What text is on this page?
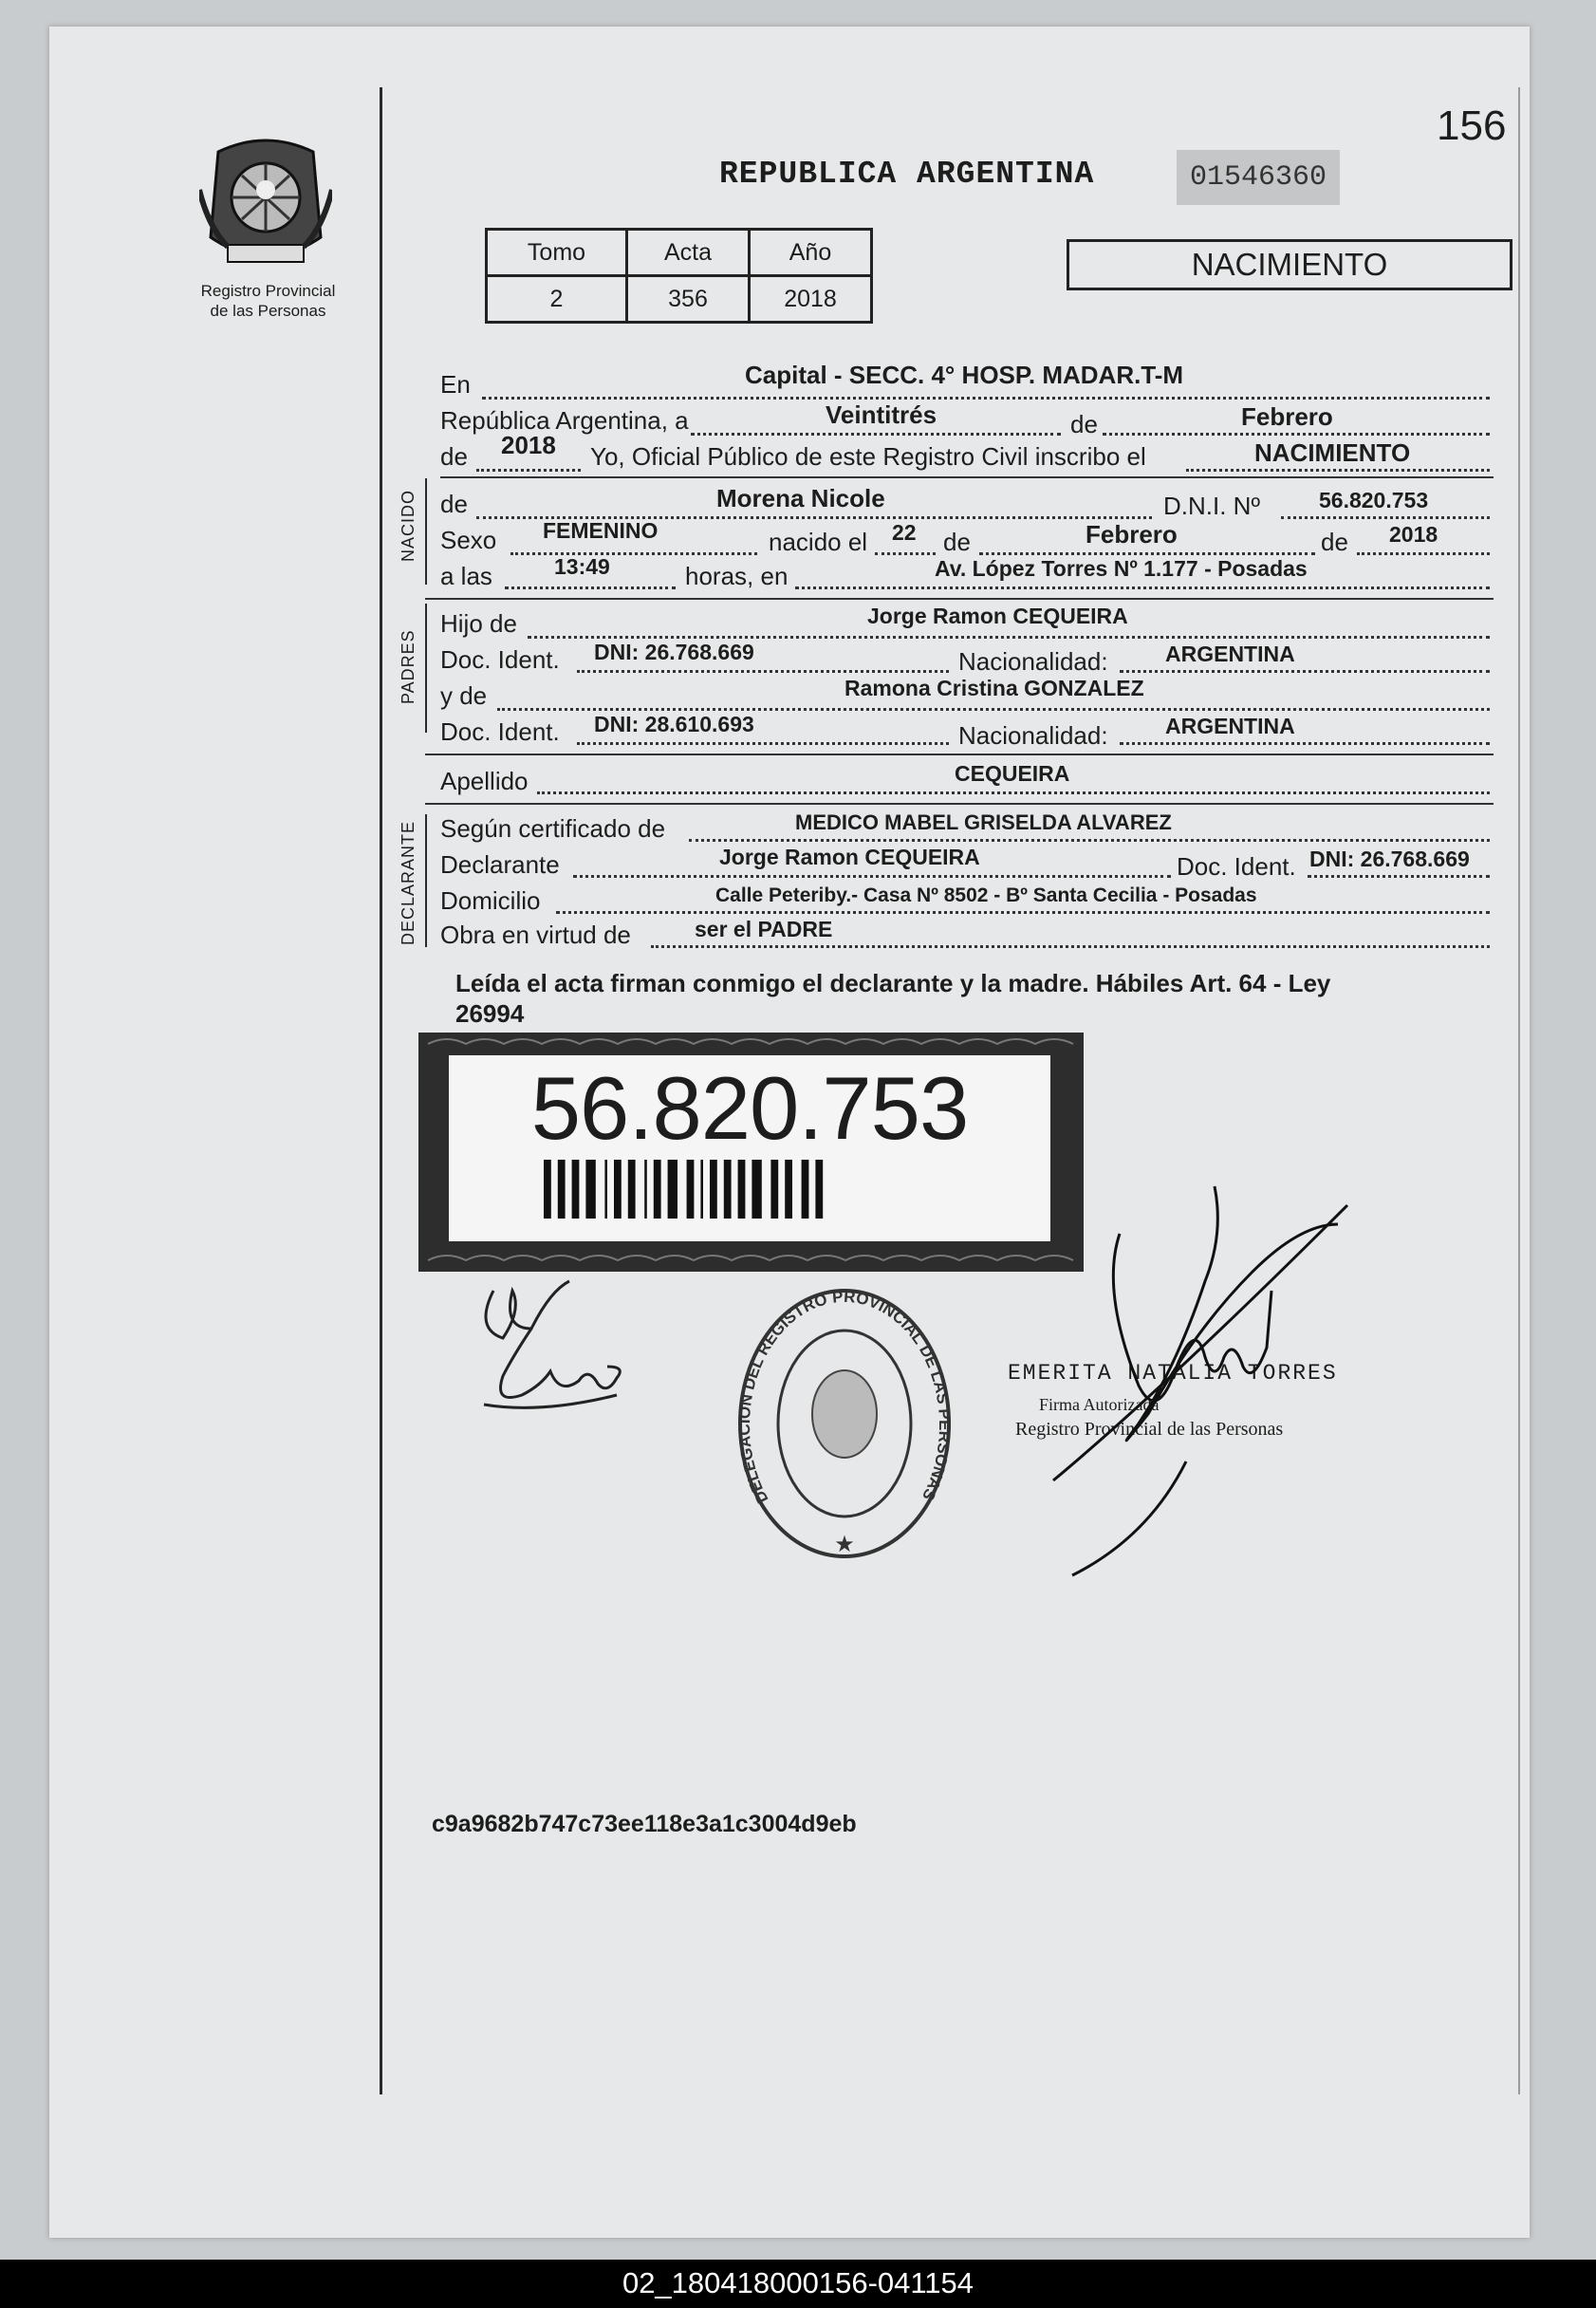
156
Registro Provincial
de las Personas
REPUBLICA ARGENTINA	01546360
Tomo	Acta	Año
2	356	2018
NACIMIENTO
En	Capital - SECC. 4° HOSP. MADAR.T-M
República Argentina, a	Veintitrés	de	Febrero
de 2018 Yo, Oficial Público de este Registro Civil inscribo el	NACIMIENTO
NACIDO de	Morena Nicole	D.N.I. Nº	56.820.753
Sexo FEMENINO	nacido el 22 de	Febrero	de 2018
a las	13:49	horas, en	Av. López Torres Nº 1.177 - Posadas
PADRES
Hijo de	Jorge Ramon CEQUEIRA
Doc. Ident. DNI: 26.768.669	Nacionalidad:	ARGENTINA
y de	Ramona Cristina GONZALEZ
Doc. Ident. DNI: 28.610.693	Nacionalidad:	ARGENTINA
Apellido	CEQUEIRA
DECLARANTE Según certificado de	MEDICO MABEL GRISELDA ALVAREZ
Declarante	Jorge Ramon CEQUEIRA	Doc. Ident. DNI: 26.768.669
Domicilio	Calle Peteriby.- Casa Nº 8502 - Bº Santa Cecilia - Posadas
Obra en virtud de	ser el PADRE
Leída el acta firman conmigo el declarante y la madre. Hábiles Art. 64 - Ley
26994
56.820.753
★
DELEGACION DEL REGISTRO PROVINCIAL DE LAS PERSONAS
EMERITA NATALIA TORRES
Firma Autorizada
Registro Provincial de las Personas
c9a9682b747c73ee118e3a1c3004d9eb
02_180418000156-041154
